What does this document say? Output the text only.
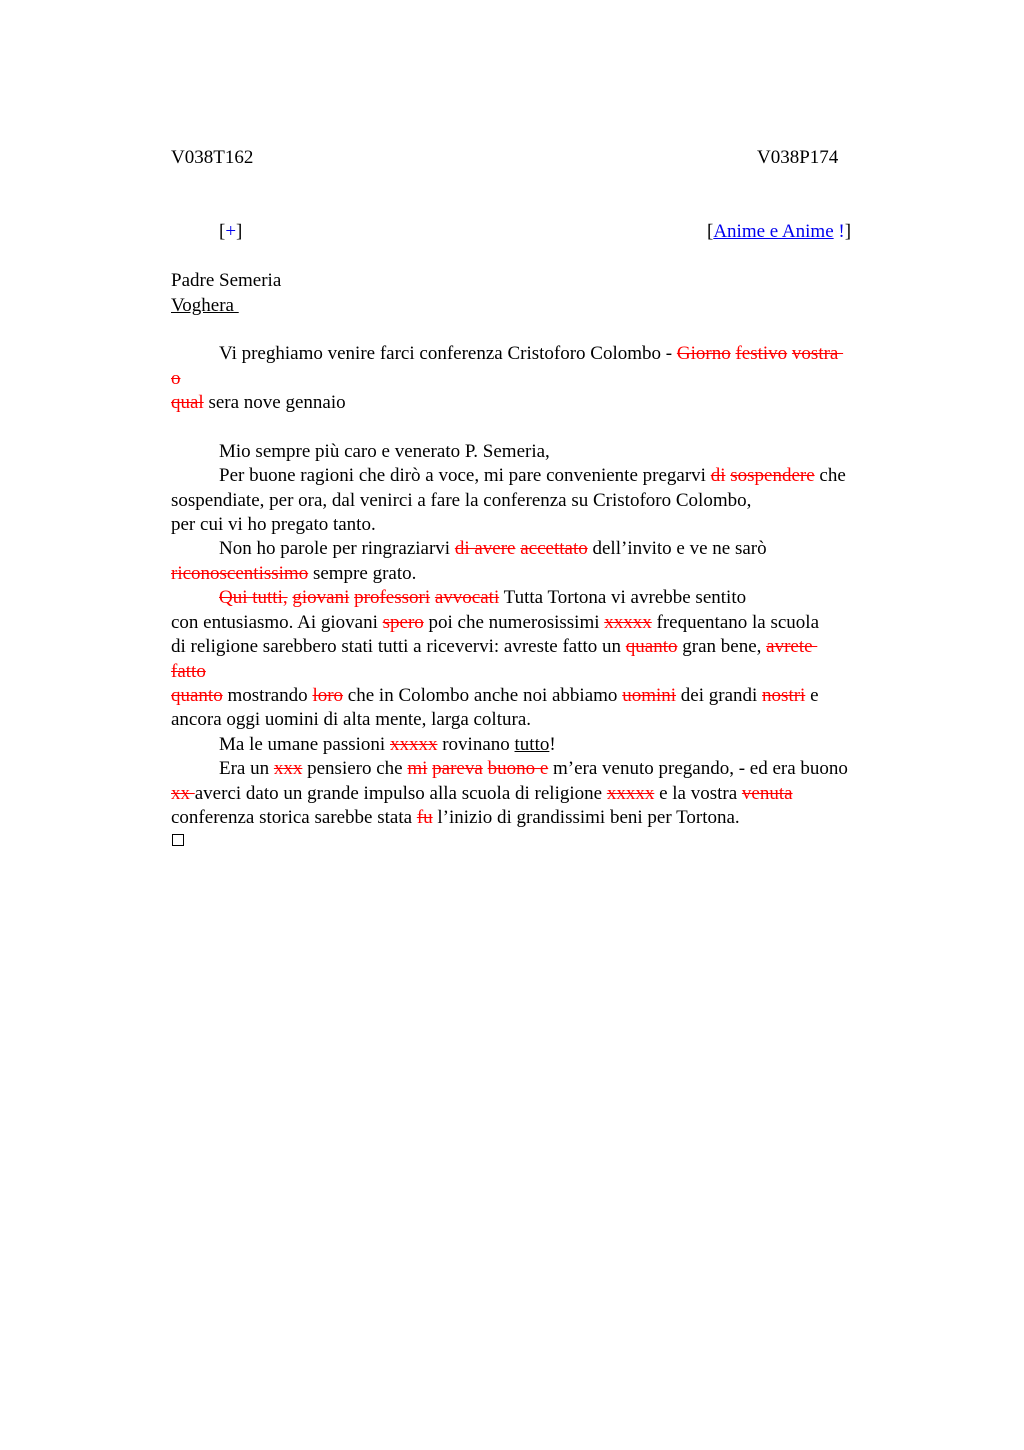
V038T162	V038P174
[+]	[Anime e Anime !]
Padre Semeria
Voghera
Vi preghiamo venire farci conferenza Cristoforo Colombo - Giorno festivo vostra
o
qual sera nove gennaio
Mio sempre più caro e venerato P. Semeria,
Per buone ragioni che dirò a voce, mi pare conveniente pregarvi di sospendere che
sospendiate, per ora, dal venirci a fare la conferenza su Cristoforo Colombo,
per cui vi ho pregato tanto.
Non ho parole per ringraziarvi di avere accettato dell’invito e ve ne sarò
riconoscentissimo sempre grato.
Qui tutti, giovani professori avvocati Tutta Tortona vi avrebbe sentito
con entusiasmo. Ai giovani spero poi che numerosissimi xxxxx frequentano la scuola
di religione sarebbero stati tutti a ricevervi: avreste fatto un quanto gran bene, avrete
fatto
quanto mostrando loro che in Colombo anche noi abbiamo uomini dei grandi nostri e
ancora oggi uomini di alta mente, larga coltura.
Ma le umane passioni xxxxx rovinano tutto!
Era un xxx pensiero che mi pareva buono e m’era venuto pregando, - ed era buono
xx averci dato un grande impulso alla scuola di religione xxxxx e la vostra venuta
conferenza storica sarebbe stata fu l’inizio di grandissimi beni per Tortona.
